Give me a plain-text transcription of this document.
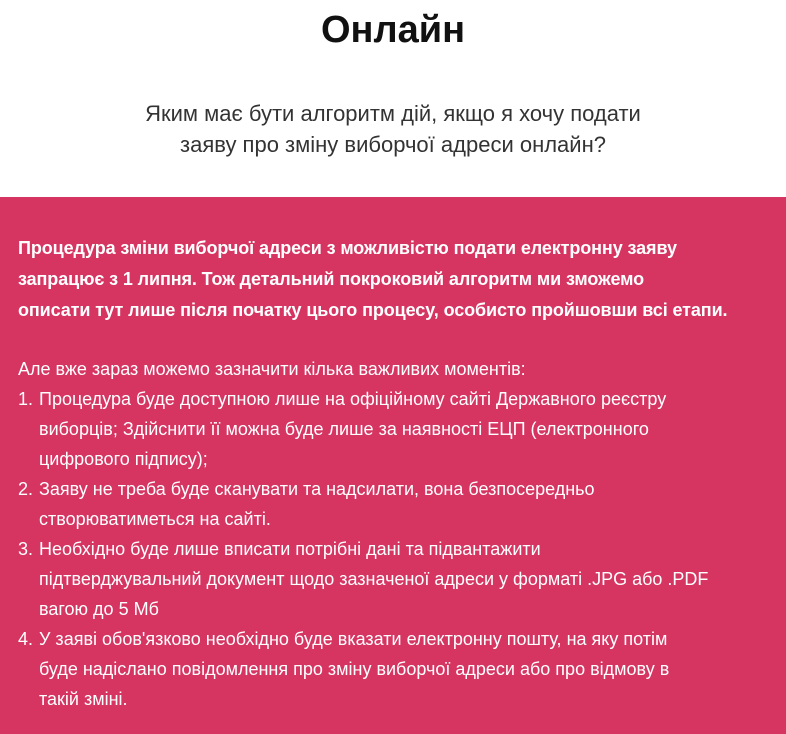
Онлайн

Яким має бути алгоритм дій, якщо я хочу подати
заяву про зміну виборчої адреси онлайн?

Процедура зміни виборчої адреси з можливістю подати електронну заяву
запрацює з 1 липня. Тож детальний покроковий алгоритм ми зможемо
описати тут лише після початку цього процесу, особисто пройшовши всі етапи.

Але вже зараз можемо зазначити кілька важливих моментів:

1. Процедура буде доступною лише на офіційному сайті Державного реєстру
виборців; Здійснити її можна буде лише за наявності ЕЦП (електронного
цифрового підпису);
2. Заяву не треба буде сканувати та надсилати, вона безпосередньо
створюватиметься на сайті.
3. Необхідно буде лише вписати потрібні дані та підвантажити
підтверджувальний документ щодо зазначеної адреси у форматі .JPG або .PDF
вагою до 5 Мб
4. У заяві обов'язково необхідно буде вказати електронну пошту, на яку потім
буде надіслано повідомлення про зміну виборчої адреси або про відмову в
такій зміні.
